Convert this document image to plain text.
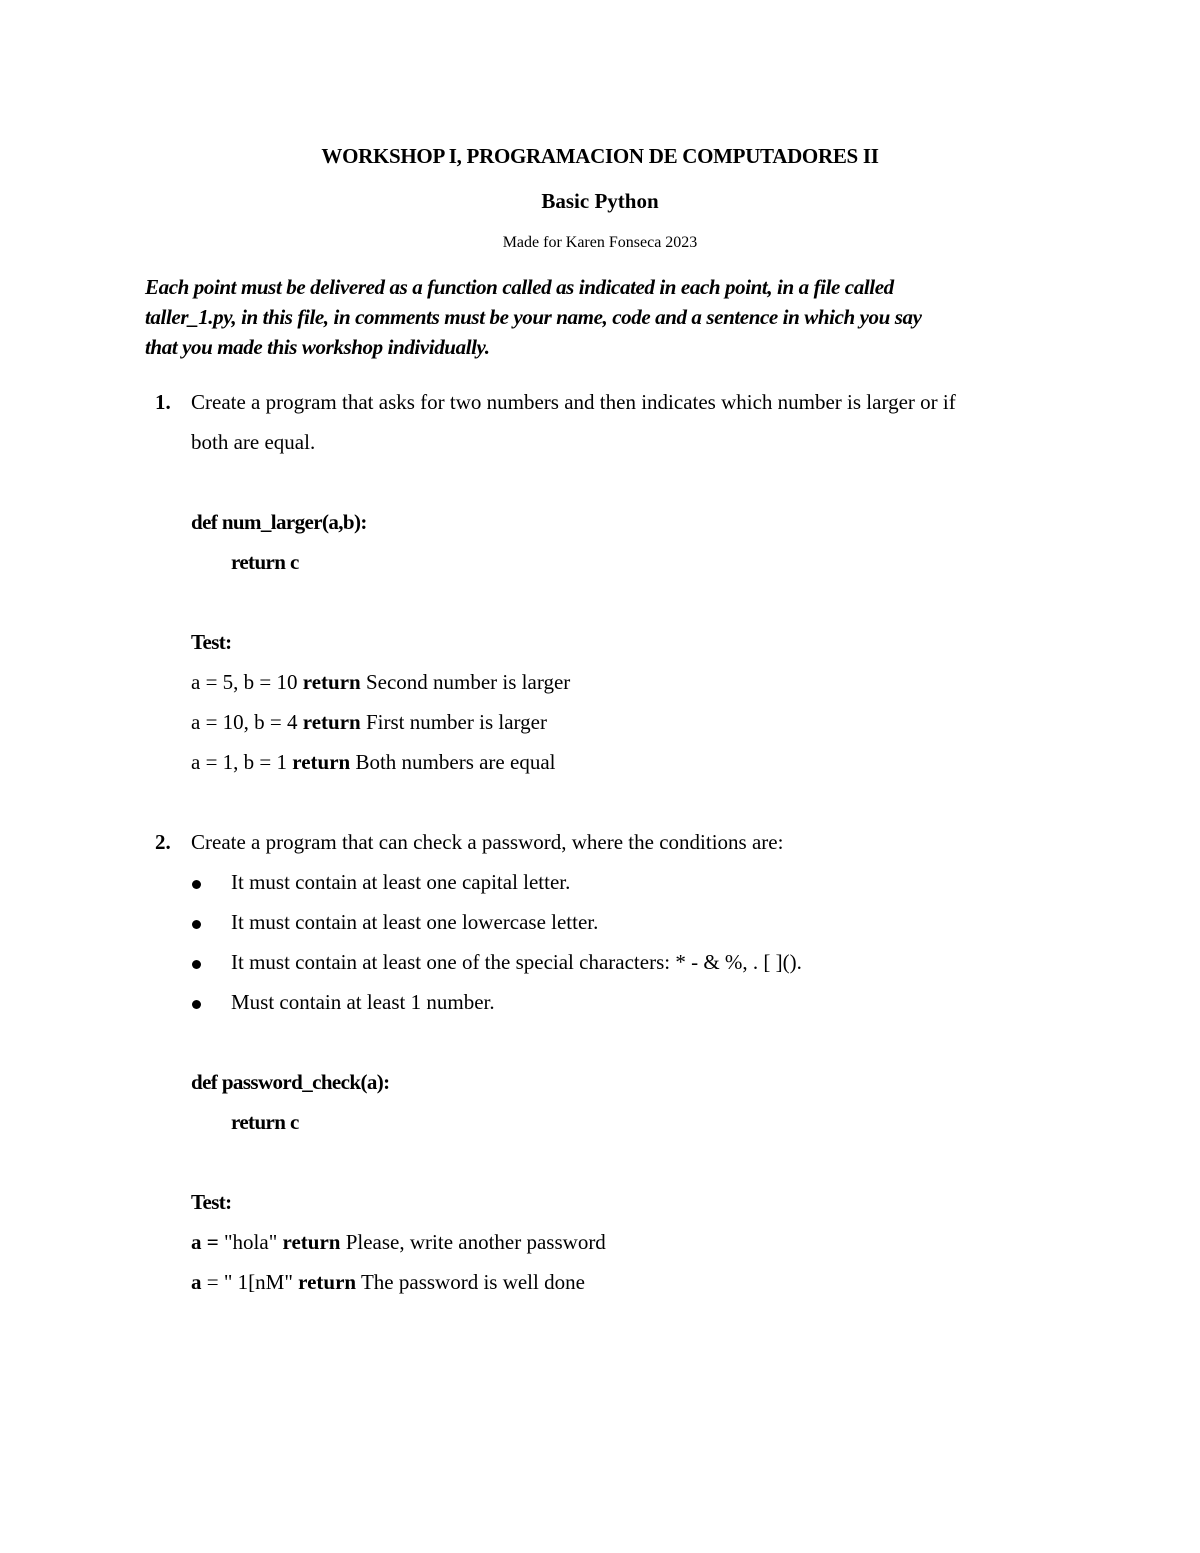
WORKSHOP I, PROGRAMACION DE COMPUTADORES II
Basic Python
Made for Karen Fonseca 2023
Each point must be delivered as a function called as indicated in each point, in a file called
taller_1.py, in this file, in comments must be your name, code and a sentence in which you say
that you made this workshop individually.
1. Create a program that asks for two numbers and then indicates which number is larger or if
both are equal.
def num_larger(a,b):
return c
Test:
a = 5, b = 10 return Second number is larger
a = 10, b = 4 return First number is larger
a = 1, b = 1 return Both numbers are equal
2. Create a program that can check a password, where the conditions are:
It must contain at least one capital letter.
It must contain at least one lowercase letter.
It must contain at least one of the special characters: * - & %, . [ ]().
Must contain at least 1 number.
def password_check(a):
return c
Test:
a = "hola" return Please, write another password
a = " 1[nM" return The password is well done
